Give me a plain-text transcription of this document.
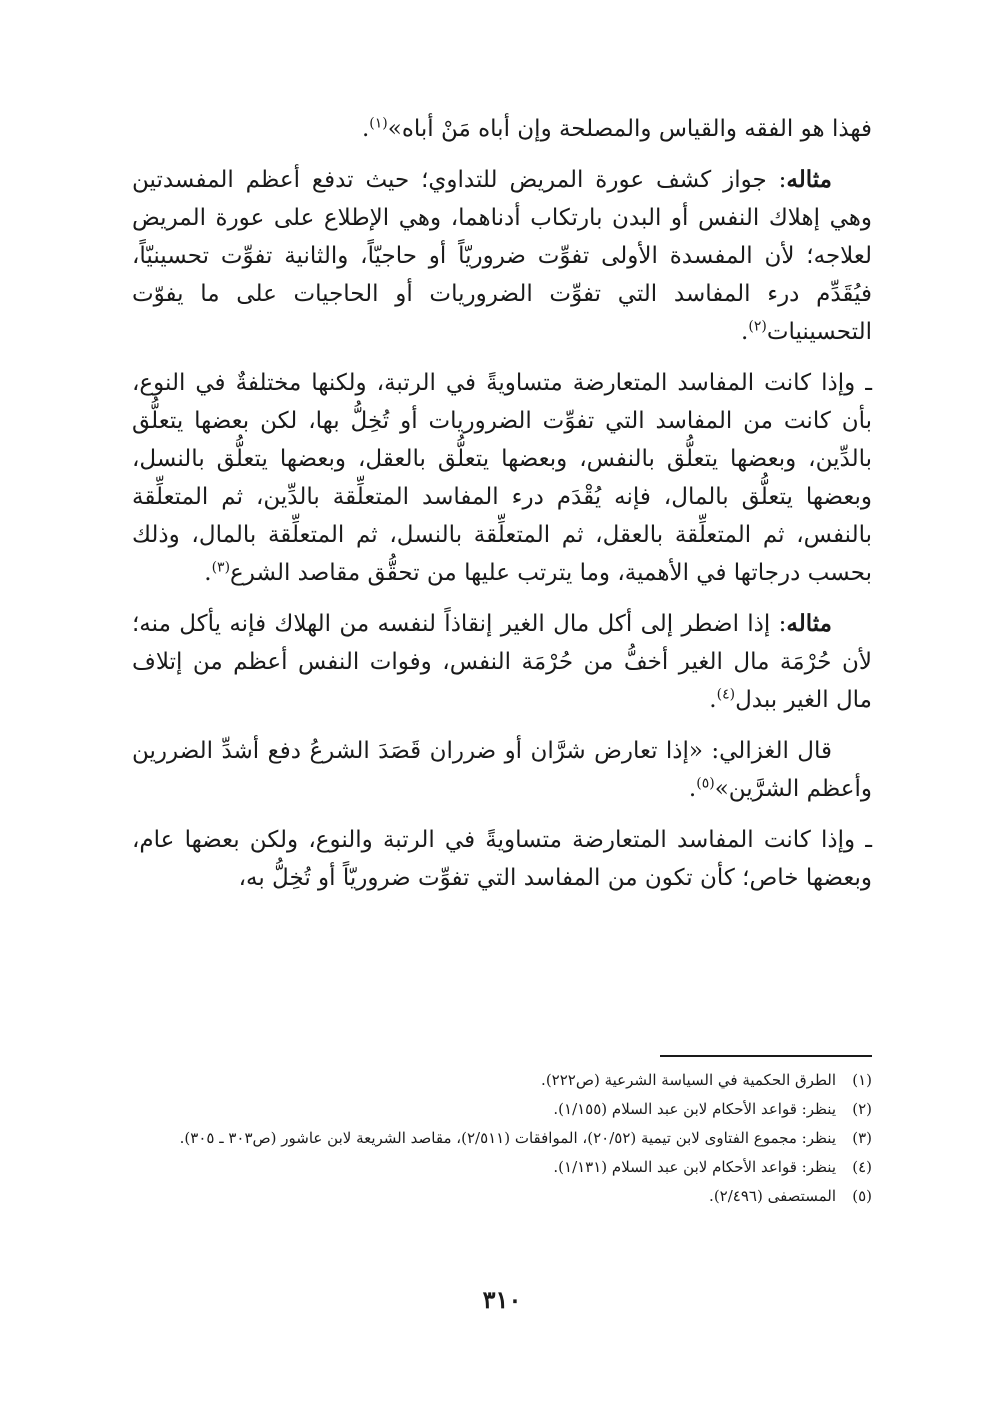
فهذا هو الفقه والقياس والمصلحة وإن أباه مَنْ أباه»$^{(١)}$.

مثاله: جواز كشف عورة المريض للتداوي؛ حيث تدفع أعظم المفسدتين وهي إهلاك النفس أو البدن بارتكاب أدناهما، وهي الإطلاع على عورة المريض لعلاجه؛ لأن المفسدة الأولى تفوِّت ضروريّاً أو حاجيّاً، والثانية تفوِّت تحسينيّاً، فيُقَدِّم درء المفاسد التي تفوِّت الضروريات أو الحاجيات على ما يفوّت التحسينيات$^{(٢)}$.

ـ وإذا كانت المفاسد المتعارضة متساويةً في الرتبة، ولكنها مختلفةٌ في النوع، بأن كانت من المفاسد التي تفوِّت الضروريات أو تُخِلُّ بها، لكن بعضها يتعلُّق بالدِّين، وبعضها يتعلُّق بالنفس، وبعضها يتعلُّق بالعقل، وبعضها يتعلُّق بالنسل، وبعضها يتعلُّق بالمال، فإنه يُقْدَم درء المفاسد المتعلِّقة بالدِّين، ثم المتعلِّقة بالنفس، ثم المتعلِّقة بالعقل، ثم المتعلِّقة بالنسل، ثم المتعلِّقة بالمال، وذلك بحسب درجاتها في الأهمية، وما يترتب عليها من تحقُّق مقاصد الشرع$^{(٣)}$.

مثاله: إذا اضطر إلى أكل مال الغير إنقاذاً لنفسه من الهلاك فإنه يأكل منه؛ لأن حُرْمَة مال الغير أخفُّ من حُرْمَة النفس، وفوات النفس أعظم من إتلاف مال الغير ببدل$^{(٤)}$.

قال الغزالي: «إذا تعارض شرَّان أو ضرران قَصَدَ الشرعُ دفع أشدِّ الضررين وأعظم الشرَّين»$^{(٥)}$.

ـ وإذا كانت المفاسد المتعارضة متساويةً في الرتبة والنوع، ولكن بعضها عام، وبعضها خاص؛ كأن تكون من المفاسد التي تفوِّت ضروريّاً أو تُخِلُّ به،

(١)
الطرق الحكمية في السياسة الشرعية (ص٢٢٢).
(٢)
ينظر: قواعد الأحكام لابن عبد السلام (١/١٥٥).
(٣)
ينظر: مجموع الفتاوى لابن تيمية (٢٠/٥٢)، الموافقات (٢/٥١١)، مقاصد الشريعة لابن عاشور (ص٣٠٣ ـ ٣٠٥).
(٤)
ينظر: قواعد الأحكام لابن عبد السلام (١/١٣١).
(٥)
المستصفى (٢/٤٩٦).
٣١٠
